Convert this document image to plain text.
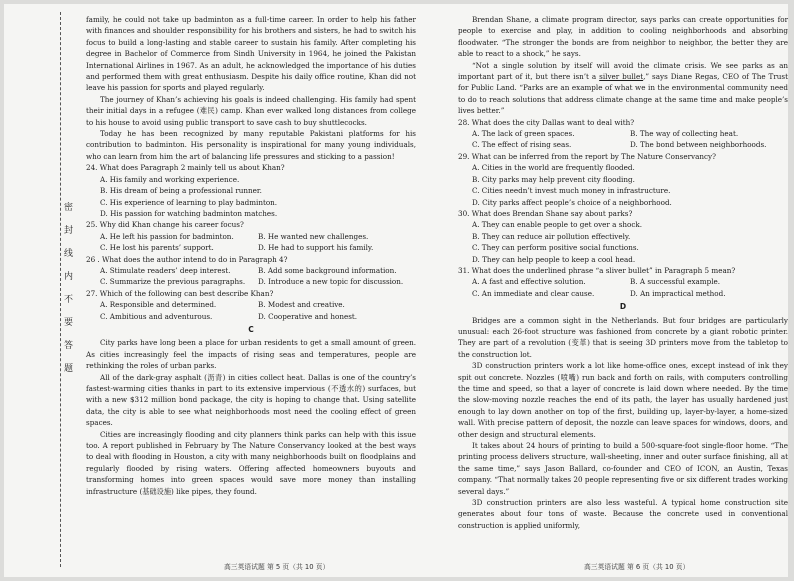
密
封
线
内
不
要
答
题

family, he could not take up badminton as a full-time career. In order to help his father with finances and shoulder responsibility for his brothers and sisters, he had to switch his focus to build a long-lasting and stable career to sustain his family. After completing his degree in Bachelor of Commerce from Sindh University in 1964, he joined the Pakistan International Airlines in 1967. As an adult, he acknowledged the importance of his duties and performed them with great enthusiasm. Despite his daily office routine, Khan did not leave his passion for sports and played regularly.

The journey of Khan’s achieving his goals is indeed challenging. His family had spent their initial days in a refugee (难民) camp. Khan ever walked long distances from college to his house to avoid using public transport to save cash to buy shuttlecocks.

Today he has been recognized by many reputable Pakistani platforms for his contribution to badminton. His personality is inspirational for many young individuals, who can learn from him the art of balancing life pressures and sticking to a passion!

24. What does Paragraph 2 mainly tell us about Khan?

A. His family and working experience.
B. His dream of being a professional runner.
C. His experience of learning to play badminton.
D. His passion for watching badminton matches.

25. Why did Khan change his career focus?

A. He left his passion for badminton.	B. He wanted new challenges.
C. He lost his parents’ support.	D. He had to support his family.

26 . What does the author intend to do in Paragraph 4?

A. Stimulate readers’ deep interest.	B. Add some background information.
C. Summarize the previous paragraphs.	D. Introduce a new topic for discussion.

27. Which of the following can best describe Khan?

A. Responsible and determined.	B. Modest and creative.
C. Ambitious and adventurous.	D. Cooperative and honest.
C

City parks have long been a place for urban residents to get a small amount of green. As cities increasingly feel the impacts of rising seas and temperatures, people are rethinking the roles of urban parks.

All of the dark-gray asphalt (沥青) in cities collect heat. Dallas is one of the country’s fastest-warming cities thanks in part to its extensive impervious (不透水的) surfaces, but with a new $312 million bond package, the city is hoping to change that. Using satellite data, the city is able to see what neighborhoods most need the cooling effect of green spaces.

Cities are increasingly flooding and city planners think parks can help with this issue too. A report published in February by The Nature Conservancy looked at the best ways to deal with flooding in Houston, a city with many neighborhoods built on floodplains and regularly flooded by rising waters. Offering affected homeowners buyouts and transforming homes into green spaces would save more money than installing infrastructure (基础设施) like pipes, they found.

Brendan Shane, a climate program director, says parks can create opportunities for people to exercise and play, in addition to cooling neighborhoods and absorbing floodwater. “The stronger the bonds are from neighbor to neighbor, the better they are able to react to a shock,” he says.

“Not a single solution by itself will avoid the climate crisis. We see parks as an important part of it, but there isn’t a silver bullet,” says Diane Regas, CEO of The Trust for Public Land. “Parks are an example of what we in the environmental community need to do to reach solutions that address climate change at the same time and make people’s lives better.”

28. What does the city Dallas want to deal with?

A. The lack of green spaces.	B. The way of collecting heat.
C. The effect of rising seas.	D. The bond between neighborhoods.

29. What can be inferred from the report by The Nature Conservancy?

A. Cities in the world are frequently flooded.
B. City parks may help prevent city flooding.
C. Cities needn’t invest much money in infrastructure.
D. City parks affect people’s choice of a neighborhood.

30. What does Brendan Shane say about parks?

A. They can enable people to get over a shock.
B. They can reduce air pollution effectively.
C. They can perform positive social functions.
D. They can help people to keep a cool head.

31. What does the underlined phrase “a sliver bullet” in Paragraph 5 mean?

A. A fast and effective solution.	B. A successful example.
C. An immediate and clear cause.	D. An impractical method.
D

Bridges are a common sight in the Netherlands. But four bridges are particularly unusual: each 26-foot structure was fashioned from concrete by a giant robotic printer. They are part of a revolution (变革) that is seeing 3D printers move from the tabletop to the construction lot.

3D construction printers work a lot like home-office ones, except instead of ink they spit out concrete. Nozzles (喷嘴) run back and forth on rails, with computers controlling the time and speed, so that a layer of concrete is laid down where needed. By the time the slow-moving nozzle reaches the end of its path, the layer has usually hardened just enough to lay down another on top of the first, building up, layer-by-layer, a home-sized wall. With precise pattern of deposit, the nozzle can leave spaces for windows, doors, and other design and structural elements.

It takes about 24 hours of printing to build a 500-square-foot single-floor home. “The printing process delivers structure, wall-sheeting, inner and outer surface finishing, all at the same time,” says Jason Ballard, co-founder and CEO of ICON, an Austin, Texas company. “That normally takes 20 people representing five or six different trades working several days.”

3D construction printers are also less wasteful. A typical home construction site generates about four tons of waste. Because the concrete used in conventional construction is applied uniformly,

高三英语试题 第 5 页（共 10 页）	高三英语试题 第 6 页（共 10 页）
